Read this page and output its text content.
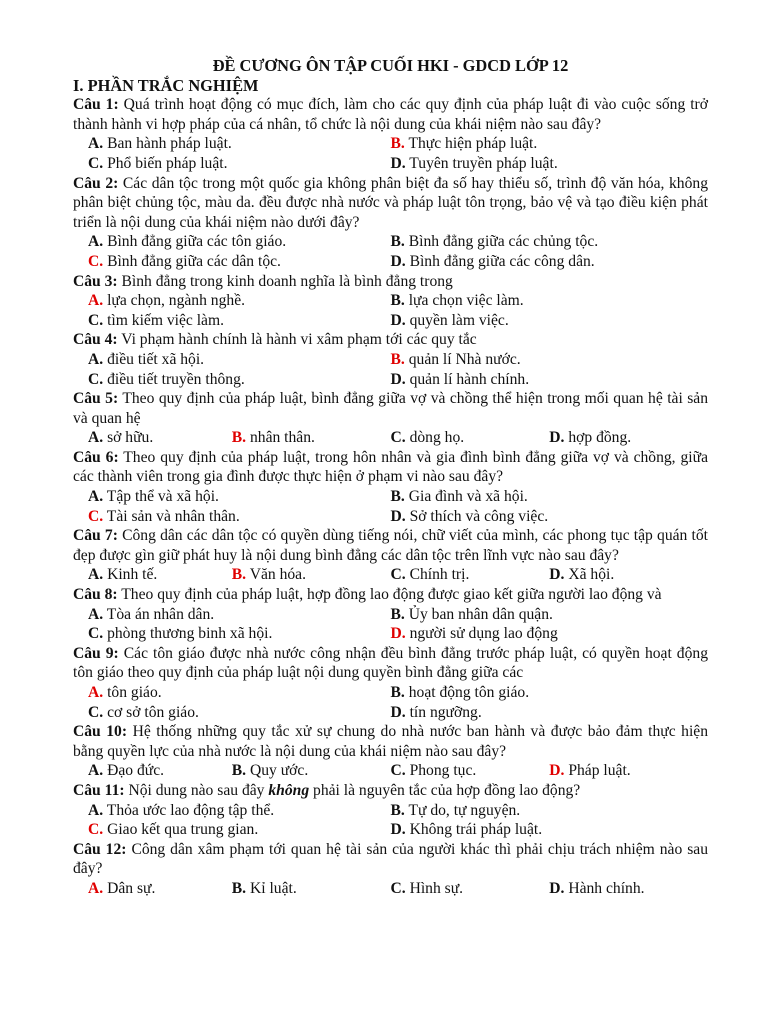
ĐỀ CƯƠNG ÔN TẬP CUỐI HKI - GDCD LỚP 12

I. PHẦN TRẮC NGHIỆM

Câu 1: Quá trình hoạt động có mục đích, làm cho các quy định của pháp luật đi vào cuộc sống trở thành hành vi hợp pháp của cá nhân, tổ chức là nội dung của khái niệm nào sau đây?

A. Ban hành pháp luật.	B. Thực hiện pháp luật.
C. Phổ biến pháp luật.	D. Tuyên truyền pháp luật.

Câu 2: Các dân tộc trong một quốc gia không phân biệt đa số hay thiểu số, trình độ văn hóa, không phân biệt chủng tộc, màu da. đều được nhà nước và pháp luật tôn trọng, bảo vệ và tạo điều kiện phát triển là nội dung của khái niệm nào dưới đây?

A. Bình đẳng giữa các tôn giáo.	B. Bình đẳng giữa các chủng tộc.
C. Bình đẳng giữa các dân tộc.	D. Bình đẳng giữa các công dân.

Câu 3: Bình đẳng trong kinh doanh nghĩa là bình đẳng trong

A. lựa chọn, ngành nghề.	B. lựa chọn việc làm.
C. tìm kiếm việc làm.	D. quyền làm việc.

Câu 4: Vi phạm hành chính là hành vi xâm phạm tới các quy tắc

A. điều tiết xã hội.	B. quản lí Nhà nước.
C. điều tiết truyền thông.	D. quản lí hành chính.

Câu 5: Theo quy định của pháp luật, bình đẳng giữa vợ và chồng thể hiện trong mối quan hệ tài sản và quan hệ

A. sở hữu.	B. nhân thân.	C. dòng họ.	D. hợp đồng.

Câu 6: Theo quy định của pháp luật, trong hôn nhân và gia đình bình đẳng giữa vợ và chồng, giữa các thành viên trong gia đình được thực hiện ở phạm vi nào sau đây?

A. Tập thể và xã hội.	B. Gia đình và xã hội.
C. Tài sản và nhân thân.	D. Sở thích và công việc.

Câu 7: Công dân các dân tộc có quyền dùng tiếng nói, chữ viết của mình, các phong tục tập quán tốt đẹp được gìn giữ phát huy là nội dung bình đẳng các dân tộc trên lĩnh vực nào sau đây?

A. Kinh tế.	B. Văn hóa.	C. Chính trị.	D. Xã hội.

Câu 8: Theo quy định của pháp luật, hợp đồng lao động được giao kết giữa người lao động và

A. Tòa án nhân dân.	B. Ủy ban nhân dân quận.
C. phòng thương binh xã hội.	D. người sử dụng lao động

Câu 9: Các tôn giáo được nhà nước công nhận đều bình đẳng trước pháp luật, có quyền hoạt động tôn giáo theo quy định của pháp luật nội dung quyền bình đẳng giữa các

A. tôn giáo.	B. hoạt động tôn giáo.
C. cơ sở tôn giáo.	D. tín ngưỡng.

Câu 10: Hệ thống những quy tắc xử sự chung do nhà nước ban hành và được bảo đảm thực hiện bằng quyền lực của nhà nước là nội dung của khái niệm nào sau đây?

A. Đạo đức.	B. Quy ước.	C. Phong tục.	D. Pháp luật.

Câu 11: Nội dung nào sau đây không phải là nguyên tắc của hợp đồng lao động?

A. Thỏa ước lao động tập thể.	B. Tự do, tự nguyện.
C. Giao kết qua trung gian.	D. Không trái pháp luật.

Câu 12: Công dân xâm phạm tới quan hệ tài sản của người khác thì phải chịu trách nhiệm nào sau đây?

A. Dân sự.	B. Kỉ luật.	C. Hình sự.	D. Hành chính.
